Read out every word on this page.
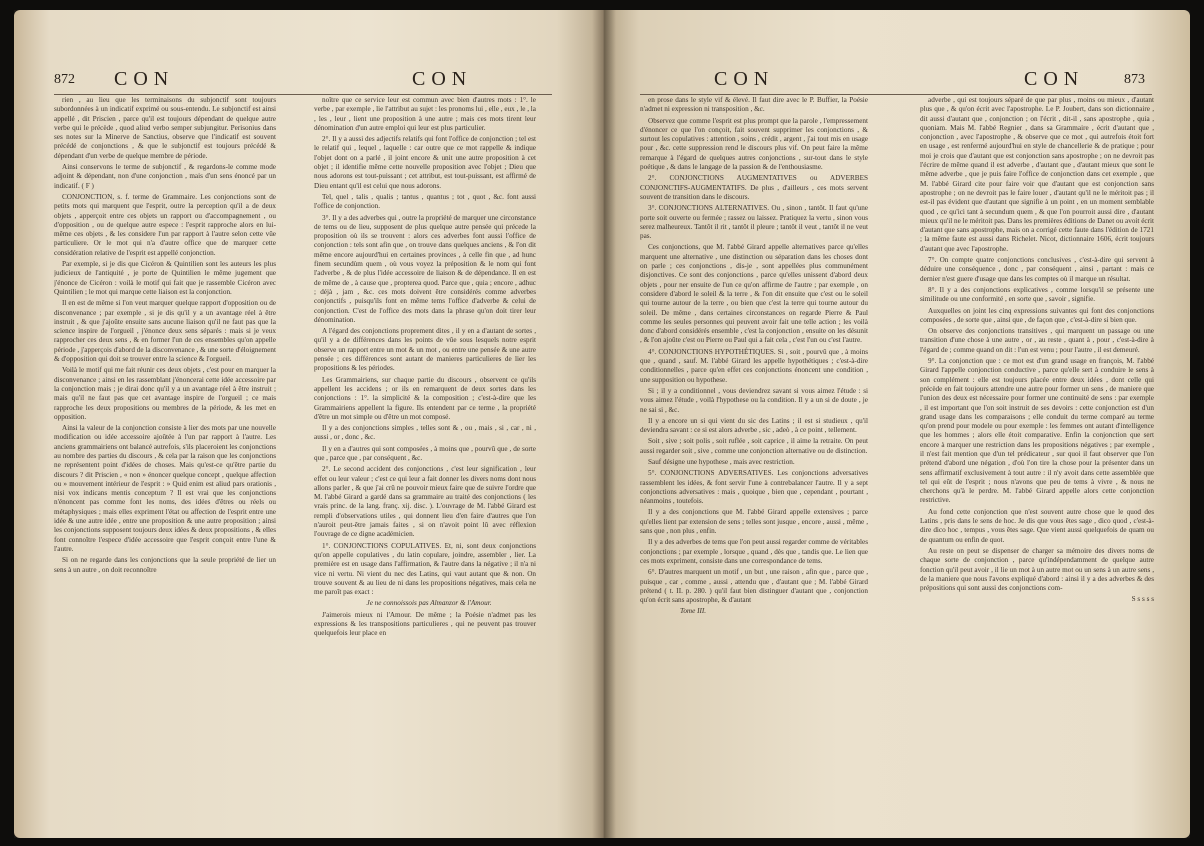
872 CON	CON

rien , au lieu que les terminaisons du subjonctif sont toujours subordonnées à un indicatif exprimé ou sous-entendu. Le subjonctif est ainsi appellé , dit Priscien , parce qu'il est toujours dépendant de quelque autre verbe qui le précède , quod aliud verbo semper subjungitur. Perisonius dans ses notes sur la Minerve de Sanctius, observe que l'indicatif est souvent précédé de conjonctions , & que le subjonctif est toujours précédé & dépendant d'un verbe de quelque membre de période.

Ainsi conservons le terme de subjonctif , & regardons-le comme mode adjoint & dépendant, non d'une conjonction , mais d'un sens énoncé par un indicatif. ( F )

CONJONCTION, s. f. terme de Grammaire. Les conjonctions sont de petits mots qui marquent que l'esprit, outre la perception qu'il a de deux objets , apperçoit entre ces objets un rapport ou d'accompagnement , ou d'opposition , ou de quelque autre espece : l'esprit rapproche alors en lui-même ces objets , & les considere l'un par rapport à l'autre selon cette vûe particuliere. Or le mot qui n'a d'autre office que de marquer cette considération relative de l'esprit est appellé conjonction.

Par exemple, si je dis que Cicéron & Quintilien sont les auteurs les plus judicieux de l'antiquité , je porte de Quintilien le même jugement que j'énonce de Cicéron : voilà le motif qui fait que je rassemble Cicéron avec Quintilien ; le mot qui marque cette liaison est la conjonction.

Il en est de même si l'on veut marquer quelque rapport d'opposition ou de disconvenance ; par exemple , si je dis qu'il y a un avantage réel à être instruit , & que j'ajoûte ensuite sans aucune liaison qu'il ne faut pas que la science inspire de l'orgueil , j'énonce deux sens séparés : mais si je veux rapprocher ces deux sens , & en former l'un de ces ensembles qu'on appelle période , j'apperçois d'abord de la disconvenance , & une sorte d'éloignement & d'opposition qui doit se trouver entre la science & l'orgueil.

Voilà le motif qui me fait réunir ces deux objets , c'est pour en marquer la disconvenance ; ainsi en les rassemblant j'énoncerai cette idée accessoire par la conjonction mais ; je dirai donc qu'il y a un avantage réel à être instruit ; mais qu'il ne faut pas que cet avantage inspire de l'orgueil ; ce mais rapproche les deux propositions ou membres de la période, & les met en opposition.

Ainsi la valeur de la conjonction consiste à lier des mots par une nouvelle modification ou idée accessoire ajoûtée à l'un par rapport à l'autre. Les anciens grammairiens ont balancé autrefois, s'ils placeroient les conjonctions au nombre des parties du discours , & cela par la raison que les conjonctions ne représentent point d'idées de choses. Mais qu'est-ce qu'être partie du discours ? dit Priscien , « non » énoncer quelque concept , quelque affection ou » mouvement intérieur de l'esprit : » Quid enim est aliud pars orationis , nisi vox indicans mentis conceptum ? Il est vrai que les conjonctions n'énoncent pas comme font les noms, des idées d'êtres ou réels ou métaphysiques ; mais elles expriment l'état ou affection de l'esprit entre une idée & une autre idée , entre une proposition & une autre proposition ; ainsi les conjonctions supposent toujours deux idées & deux propositions , & elles font connoître l'espece d'idée accessoire que l'esprit conçoit entre l'une & l'autre.

Si on ne regarde dans les conjonctions que la seule propriété de lier un sens à un autre , on doit reconnoître

noître que ce service leur est commun avec bien d'autres mots : 1°. le verbe , par exemple , lie l'attribut au sujet : les pronoms lui , elle , eux , le , la , les , leur , lient une proposition à une autre ; mais ces mots tirent leur dénomination d'un autre emploi qui leur est plus particulier.

2°. Il y a aussi des adjectifs relatifs qui font l'office de conjonction ; tel est le relatif qui , lequel , laquelle : car outre que ce mot rappelle & indique l'objet dont on a parlé , il joint encore & unit une autre proposition à cet objet ; il identifie même cette nouvelle proposition avec l'objet ; Dieu que nous adorons est tout-puissant ; cet attribut, est tout-puissant, est affirmé de Dieu entant qu'il est celui que nous adorons.

Tel, quel , talis , qualis ; tantus , quantus ; tot , quot , &c. font aussi l'office de conjonction.

3°. Il y a des adverbes qui , outre la propriété de marquer une circonstance de tems ou de lieu, supposent de plus quelque autre pensée qui précede la proposition où ils se trouvent : alors ces adverbes font aussi l'office de conjonction : tels sont afin que , on trouve dans quelques anciens , & l'on dit même encore aujourd'hui en certaines provinces , à celle fin que , ad hunc finem secundùm quem , où vous voyez la préposition & le nom qui font l'adverbe , & de plus l'idée accessoire de liaison & de dépendance. Il en est de même de , à cause que , propterea quod. Parce que , quia ; encore , adhuc ; déjà , jam , &c. ces mots doivent être considérés comme adverbes conjonctifs , puisqu'ils font en même tems l'office d'adverbe & celui de conjonction. C'est de l'office des mots dans la phrase qu'on doit tirer leur dénomination.

A l'égard des conjonctions proprement dites , il y en a d'autant de sortes , qu'il y a de différences dans les points de vûe sous lesquels notre esprit observe un rapport entre un mot & un mot , ou entre une pensée & une autre pensée ; ces différences sont autant de manieres particulieres de lier les propositions & les périodes.

Les Grammairiens, sur chaque partie du discours , observent ce qu'ils appellent les accidens ; or ils en remarquent de deux sortes dans les conjonctions : 1°. la simplicité & la composition ; c'est-à-dire que les Grammairiens appellent la figure. Ils entendent par ce terme , la propriété d'être un mot simple ou d'être un mot composé.

Il y a des conjonctions simples , telles sont & , ou , mais , si , car , ni , aussi , or , donc , &c.

Il y en a d'autres qui sont composées , à moins que , pourvû que , de sorte que , parce que , par conséquent , &c.

2°. Le second accident des conjonctions , c'est leur signification , leur effet ou leur valeur ; c'est ce qui leur a fait donner les divers noms dont nous allons parler , & que j'ai crû ne pouvoir mieux faire que de suivre l'ordre que M. l'abbé Girard a gardé dans sa grammaire au traité des conjonctions ( les vrais princ. de la lang. franç. xij. disc. ). L'ouvrage de M. l'abbé Girard est rempli d'observations utiles , qui donnent lieu d'en faire d'autres que l'on n'auroit peut-être jamais faites , si on n'avoit point lû avec réflexion l'ouvrage de ce digne académicien.

1°. CONJONCTIONS COPULATIVES. Et, ni, sont deux conjonctions qu'on appelle copulatives , du latin copulare, joindre, assembler , lier. La première est en usage dans l'affirmation, & l'autre dans la négative ; il n'a ni vice ni vertu. Ni vient du nec des Latins, qui vaut autant que & non. On trouve souvent & au lieu de ni dans les propositions négatives, mais cela ne me paroît pas exact :

Je ne connoissois pas Almanzor & l'Amour.

J'aimerois mieux ni l'Amour. De même ; la Poésie n'admet pas les expressions & les transpositions particulieres , qui ne peuvent pas trouver quelquefois leur place en

CON	CON	873

en prose dans le style vif & élevé. Il faut dire avec le P. Buffier, la Poésie n'admet ni expression ni transposition , &c.

Observez que comme l'esprit est plus prompt que la parole , l'empressement d'énoncer ce que l'on conçoit, fait souvent supprimer les conjonctions , & surtout les copulatives : attention , soins , crédit , argent , j'ai tout mis en usage pour , &c. cette suppression rend le discours plus vif. On peut faire la même remarque à l'égard de quelques autres conjonctions , sur-tout dans le style poétique , & dans le langage de la passion & de l'enthousiasme.

2°. CONJONCTIONS AUGMENTATIVES ou ADVERBES CONJONCTIFS-AUGMENTATIFS. De plus , d'ailleurs , ces mots servent souvent de transition dans le discours.

3°. CONJONCTIONS ALTERNATIVES. Ou , sinon , tantôt. Il faut qu'une porte soit ouverte ou fermée ; rassez ou laissez. Pratiquez la vertu , sinon vous serez malheureux. Tantôt il rit , tantôt il pleure ; tantôt il veut , tantôt il ne veut pas.

Ces conjonctions, que M. l'abbé Girard appelle alternatives parce qu'elles marquent une alternative , une distinction ou séparation dans les choses dont on parle ; ces conjonctions , dis-je , sont appellées plus communément disjonctives. Ce sont des conjonctions , parce qu'elles unissent d'abord deux objets , pour ner ensuite de l'un ce qu'on affirme de l'autre ; par exemple , on considere d'abord le soleil & la terre , & l'on dit ensuite que c'est ou le soleil qui tourne autour de la terre , ou bien que c'est la terre qui tourne autour du soleil. De même , dans certaines circonstances on regarde Pierre & Paul comme les seules personnes qui peuvent avoir fait une telle action ; les voilà donc d'abord considérés ensemble , c'est la conjonction , ensuite on les désunit , & l'on ajoûte c'est ou Pierre ou Paul qui a fait cela , c'est l'un ou c'est l'autre.

4°. CONJONCTIONS HYPOTHÉTIQUES. Si , soit , pourvû que , à moins que , quand , sauf. M. l'abbé Girard les appelle hypothétiques ; c'est-à-dire conditionnelles , parce qu'en effet ces conjonctions énoncent une condition , une supposition ou hypothese.

Si ; il y a conditionnel , vous deviendrez savant si vous aimez l'étude : si vous aimez l'étude , voilà l'hypothese ou la condition. Il y a un si de doute , je ne sai si , &c.

Il y a encore un si qui vient du sic des Latins ; il est si studieux , qu'il deviendra savant : ce si est alors adverbe , sic , adeò , à ce point , tellement.

Soit , sive ; soit polis , soit ruflée , soit caprice , il aime la retraite. On peut aussi regarder soit , sive , comme une conjonction alternative ou de distinction.

Sauf désigne une hypothese , mais avec restriction.

5°. CONJONCTIONS ADVERSATIVES. Les conjonctions adversatives rassemblent les idées, & font servir l'une à contrebalancer l'autre. Il y a sept conjonctions adversatives : mais , quoique , bien que , cependant , pourtant , néanmoins , toutefois.

Il y a des conjonctions que M. l'abbé Girard appelle extensives ; parce qu'elles lient par extension de sens ; telles sont jusque , encore , aussi , même , sans que , non plus , enfin.

Il y a des adverbes de tems que l'on peut aussi regarder comme de véritables conjonctions ; par exemple , lorsque , quand , dès que , tandis que. Le lien que ces mots expriment, consiste dans une correspondance de tems.

6°. D'autres marquent un motif , un but , une raison , afin que , parce que , puisque , car , comme , aussi , attendu que , d'autant que ; M. l'abbé Girard prétend ( t. II. p. 280. ) qu'il faut bien distinguer d'autant que , conjonction qu'on écrit sans apostrophe, & d'autant

Tome III.

adverbe , qui est toujours séparé de que par plus , moins ou mieux , d'autant plus que , & qu'on écrit avec l'apostrophe. Le P. Joubert, dans son dictionnaire , dit aussi d'autant que , conjonction ; on l'écrit , dit-il , sans apostrophe , quia , quoniam. Mais M. l'abbé Regnier , dans sa Grammaire , écrit d'autant que , conjonction , avec l'apostrophe , & observe que ce mot , qui autrefois étoit fort en usage , est renfermé aujourd'hui en style de chancellerie & de pratique ; pour moi je crois que d'autant que est conjonction sans apostrophe ; on ne devroit pas l'écrire de même quand il est adverbe , d'autant que , d'autant mieux que sont le même adverbe , que je puis faire l'office de conjonction dans cet exemple , que M. l'abbé Girard cite pour faire voir que d'autant que est conjonction sans apostrophe ; on ne devroit pas le faire louer , d'autant qu'il ne le méritoit pas ; il est-il pas évident que d'autant que signifie à un point , en un moment semblable quod , ce qu'ici tant à secundum quem , & que l'on pourroit aussi dire , d'autant mieux qu'il ne le méritoit pas. Dans les premières éditions de Danet ou avoit écrit d'autant que sans apostrophe, mais on a corrigé cette faute dans l'édition de 1721 ; la même faute est aussi dans Richelet. Nicot, dictionnaire 1606, écrit toujours d'autant que avec l'apostrophe.

7°. On compte quatre conjonctions conclusives , c'est-à-dire qui servent à déduire une conséquence , donc , par conséquent , ainsi , partant : mais ce dernier n'est guere d'usage que dans les comptes où il marque un résultat.

8°. Il y a des conjonctions explicatives , comme lorsqu'il se présente une similitude ou une conformité , en sorte que , savoir , signifie.

Auxquelles on joint les cinq expressions suivantes qui font des conjonctions composées , de sorte que , ainsi que , de façon que , c'est-à-dire si bien que.

On observe des conjonctions transitives , qui marquent un passage ou une transition d'une chose à une autre , or , au reste , quant à , pour , c'est-à-dire à l'égard de ; comme quand on dit : l'un est venu ; pour l'autre , il est demeuré.

9°. La conjonction que : ce mot est d'un grand usage en françois, M. l'abbé Girard l'appelle conjonction conductive , parce qu'elle sert à conduire le sens à son complément : elle est toujours placée entre deux idées , dont celle qui précède en fait toujours attendre une autre pour former un sens , de maniere que l'union des deux est nécessaire pour former une continuité de sens : par exemple , il est important que l'on soit instruit de ses devoirs : cette conjonction est d'un grand usage dans les comparaisons ; elle conduit du terme comparé au terme qu'on prend pour modele ou pour exemple : les femmes ont autant d'intelligence que les hommes ; alors elle étoit comparative. Enfin la conjonction que sert encore à marquer une restriction dans les propositions négatives ; par exemple , il n'est fait mention que d'un tel prédicateur , sur quoi il faut observer que l'on prétend d'abord une négation , d'où l'on tire la chose pour la présenter dans un sens affirmatif exclusivement à tout autre : il n'y avoit dans cette assemblée que tel qui eût de l'esprit ; nous n'avons que peu de tems à vivre , & nous ne cherchons qu'à le perdre. M. l'abbé Girard appelle alors cette conjonction restrictive.

Au fond cette conjonction que n'est souvent autre chose que le quod des Latins , pris dans le sens de hoc. Je dis que vous êtes sage , dico quod , c'est-à-dire dico hoc , tempus , vous êtes sage. Que vient aussi quelquefois de quam ou de quantum ou enfin de quot.

Au reste on peut se dispenser de charger sa mémoire des divers noms de chaque sorte de conjonction , parce qu'indépendamment de quelque autre fonction qu'il peut avoir , il lie un mot à un autre mot ou un sens à un autre sens , de la maniere que nous l'avons expliqué d'abord : ainsi il y a des adverbes & des prépositions qui sont aussi des conjonctions com-

S s s s s
